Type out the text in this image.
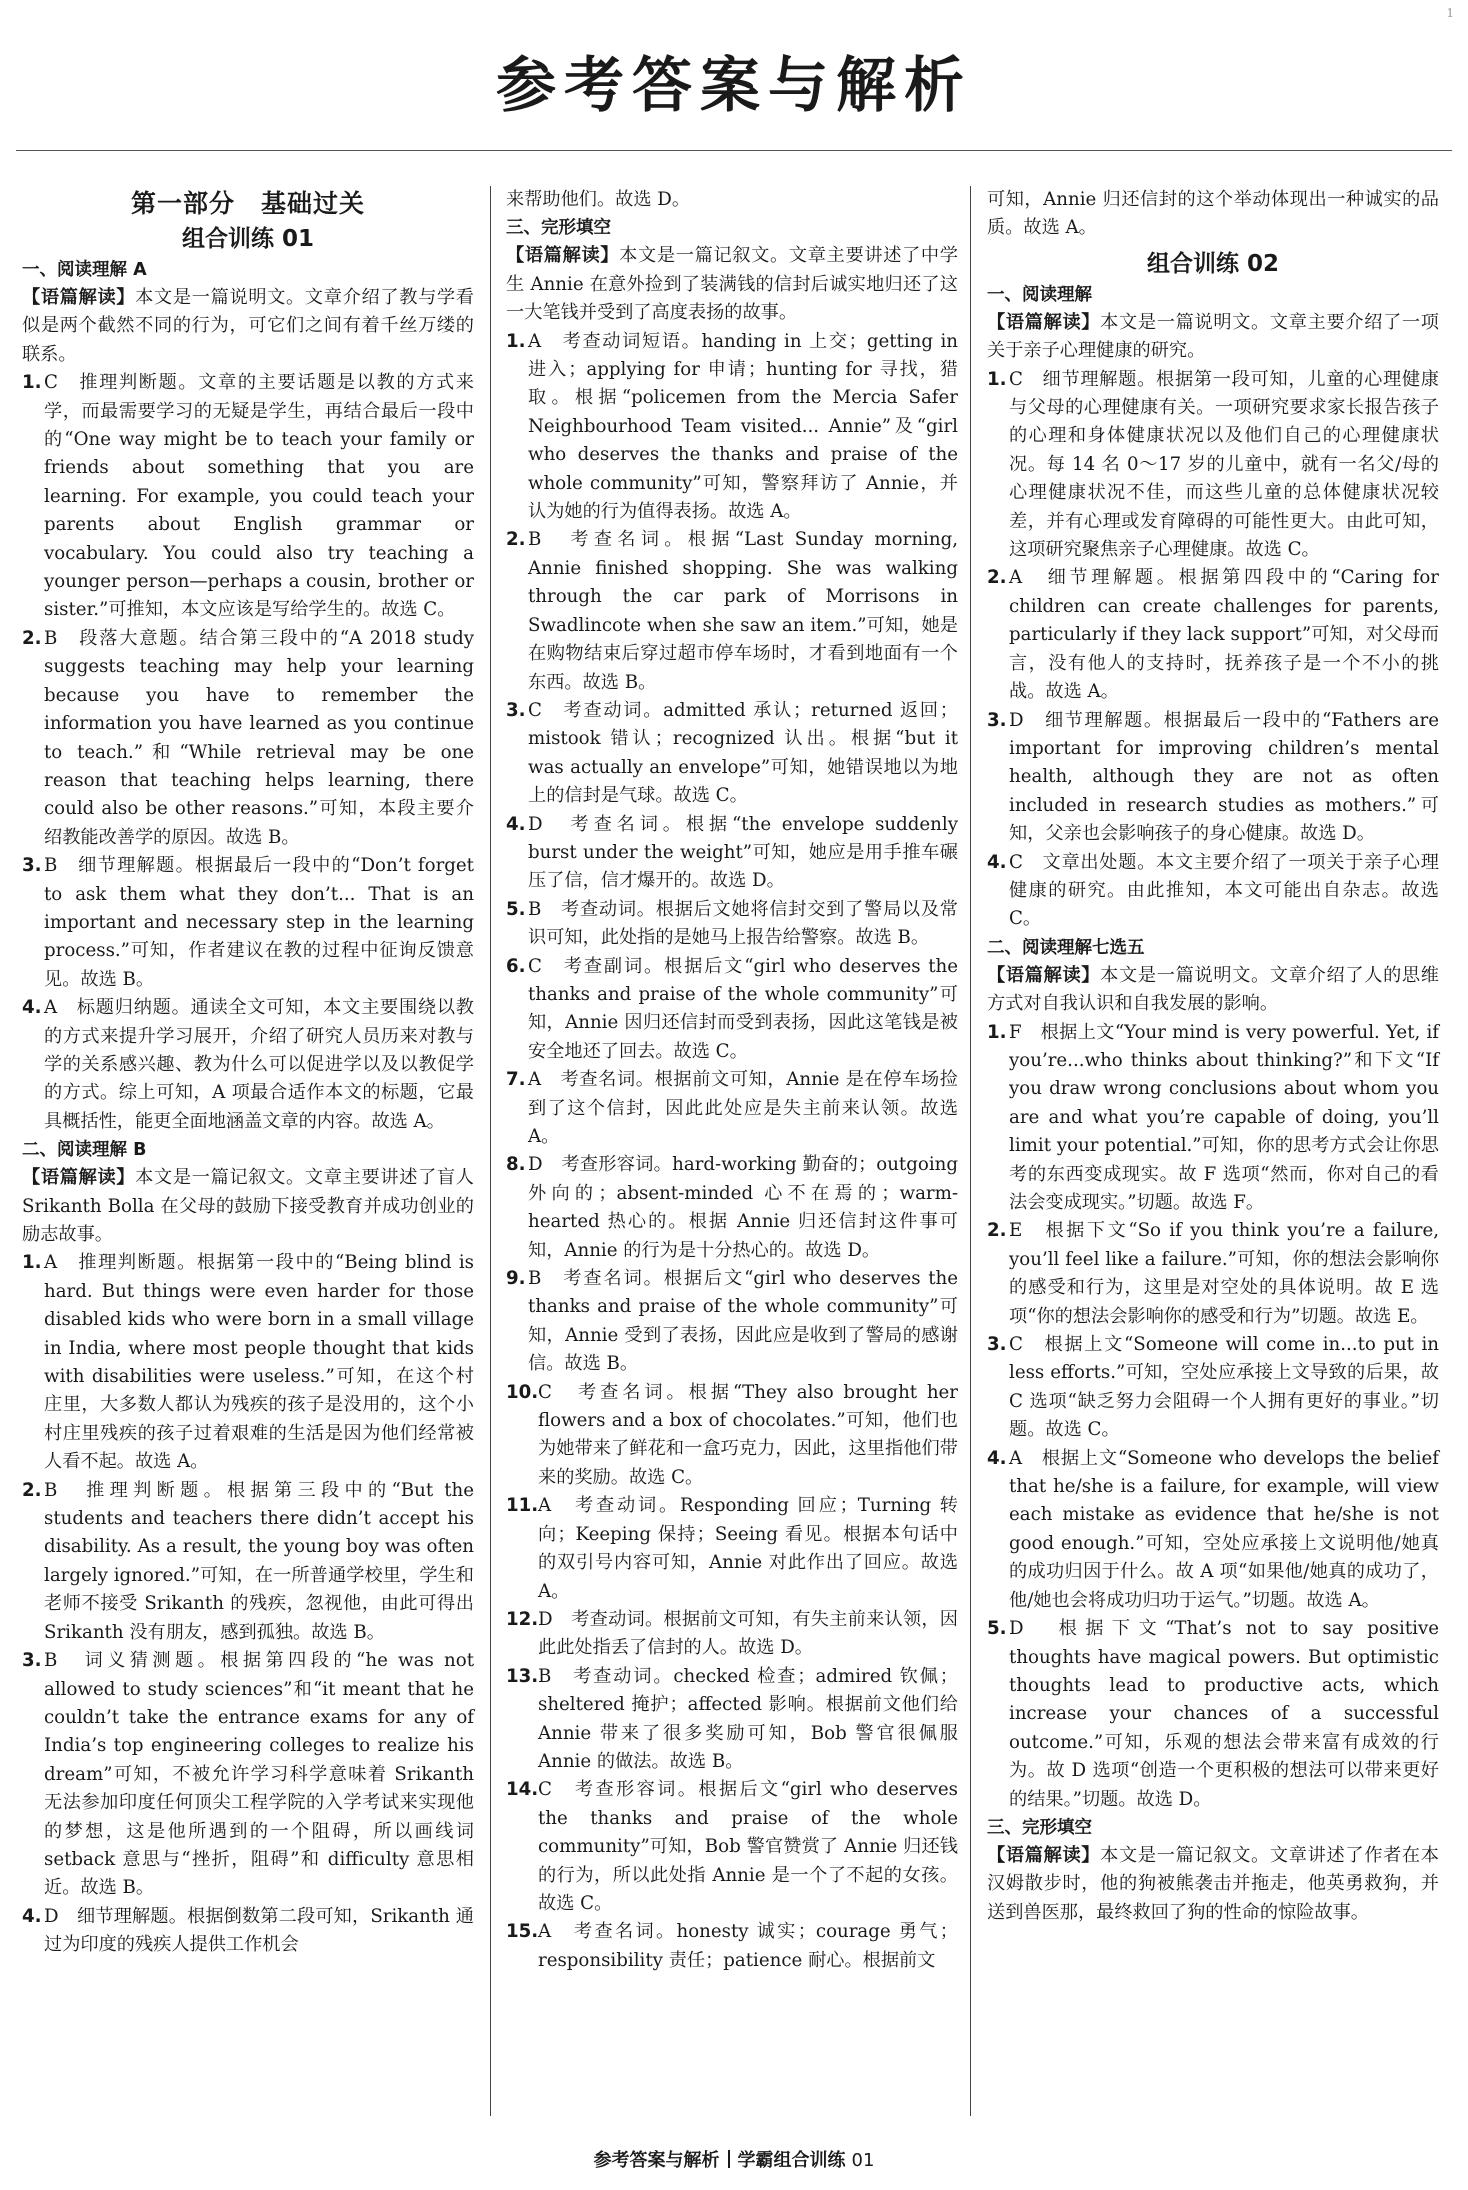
1
参考答案与解析
第一部分　基础过关
组合训练 01
一、阅读理解 A

【语篇解读】本文是一篇说明文。文章介绍了教与学看似是两个截然不同的行为，可它们之间有着千丝万缕的联系。

1. C　推理判断题。文章的主要话题是以教的方式来学，而最需要学习的无疑是学生，再结合最后一段中的“One way might be to teach your family or friends about something that you are learning. For example, you could teach your parents about English grammar or vocabulary. You could also try teaching a younger person—perhaps a cousin, brother or sister.”可推知，本文应该是写给学生的。故选 C。
2. B　段落大意题。结合第三段中的“A 2018 study suggests teaching may help your learning because you have to remember the information you have learned as you continue to teach.”和“While retrieval may be one reason that teaching helps learning, there could also be other reasons.”可知，本段主要介绍教能改善学的原因。故选 B。
3. B　细节理解题。根据最后一段中的“Don’t forget to ask them what they don’t... That is an important and necessary step in the learning process.”可知，作者建议在教的过程中征询反馈意见。故选 B。
4. A　标题归纳题。通读全文可知，本文主要围绕以教的方式来提升学习展开，介绍了研究人员历来对教与学的关系感兴趣、教为什么可以促进学以及以教促学的方式。综上可知，A 项最合适作本文的标题，它最具概括性，能更全面地涵盖文章的内容。故选 A。
二、阅读理解 B

【语篇解读】本文是一篇记叙文。文章主要讲述了盲人 Srikanth Bolla 在父母的鼓励下接受教育并成功创业的励志故事。

1. A　推理判断题。根据第一段中的“Being blind is hard. But things were even harder for those disabled kids who were born in a small village in India, where most people thought that kids with disabilities were useless.”可知，在这个村庄里，大多数人都认为残疾的孩子是没用的，这个小村庄里残疾的孩子过着艰难的生活是因为他们经常被人看不起。故选 A。
2. B　推理判断题。根据第三段中的“But the students and teachers there didn’t accept his disability. As a result, the young boy was often largely ignored.”可知，在一所普通学校里，学生和老师不接受 Srikanth 的残疾，忽视他，由此可得出 Srikanth 没有朋友，感到孤独。故选 B。
3. B　词义猜测题。根据第四段的“he was not allowed to study sciences”和“it meant that he couldn’t take the entrance exams for any of India’s top engineering colleges to realize his dream”可知，不被允许学习科学意味着 Srikanth 无法参加印度任何顶尖工程学院的入学考试来实现他的梦想，这是他所遇到的一个阻碍，所以画线词 setback 意思与“挫折，阻碍”和 difficulty 意思相近。故选 B。
4. D　细节理解题。根据倒数第二段可知，Srikanth 通过为印度的残疾人提供工作机会

来帮助他们。故选 D。

三、完形填空

【语篇解读】本文是一篇记叙文。文章主要讲述了中学生 Annie 在意外捡到了装满钱的信封后诚实地归还了这一大笔钱并受到了高度表扬的故事。

1. A　考查动词短语。handing in 上交；getting in 进入；applying for 申请；hunting for 寻找，猎取。根据“policemen from the Mercia Safer Neighbourhood Team visited... Annie”及“girl who deserves the thanks and praise of the whole community”可知，警察拜访了 Annie，并认为她的行为值得表扬。故选 A。
2. B　考查名词。根据“Last Sunday morning, Annie finished shopping. She was walking through the car park of Morrisons in Swadlincote when she saw an item.”可知，她是在购物结束后穿过超市停车场时，才看到地面有一个东西。故选 B。
3. C　考查动词。admitted 承认；returned 返回；mistook 错认；recognized 认出。根据“but it was actually an envelope”可知，她错误地以为地上的信封是气球。故选 C。
4. D　考查名词。根据“the envelope suddenly burst under the weight”可知，她应是用手推车碾压了信，信才爆开的。故选 D。
5. B　考查动词。根据后文她将信封交到了警局以及常识可知，此处指的是她马上报告给警察。故选 B。
6. C　考查副词。根据后文“girl who deserves the thanks and praise of the whole community”可知，Annie 因归还信封而受到表扬，因此这笔钱是被安全地还了回去。故选 C。
7. A　考查名词。根据前文可知，Annie 是在停车场捡到了这个信封，因此此处应是失主前来认领。故选 A。
8. D　考查形容词。hard-working 勤奋的；outgoing 外向的；absent-minded 心不在焉的；warm-hearted 热心的。根据 Annie 归还信封这件事可知，Annie 的行为是十分热心的。故选 D。
9. B　考查名词。根据后文“girl who deserves the thanks and praise of the whole community”可知，Annie 受到了表扬，因此应是收到了警局的感谢信。故选 B。
10. C　考查名词。根据“They also brought her flowers and a box of chocolates.”可知，他们也为她带来了鲜花和一盒巧克力，因此，这里指他们带来的奖励。故选 C。
11. A　考查动词。Responding 回应；Turning 转向；Keeping 保持；Seeing 看见。根据本句话中的双引号内容可知，Annie 对此作出了回应。故选 A。
12. D　考查动词。根据前文可知，有失主前来认领，因此此处指丢了信封的人。故选 D。
13. B　考查动词。checked 检查；admired 钦佩；sheltered 掩护；affected 影响。根据前文他们给 Annie 带来了很多奖励可知，Bob 警官很佩服 Annie 的做法。故选 B。
14. C　考查形容词。根据后文“girl who deserves the thanks and praise of the whole community”可知，Bob 警官赞赏了 Annie 归还钱的行为，所以此处指 Annie 是一个了不起的女孩。故选 C。
15. A　考查名词。honesty 诚实；courage 勇气；responsibility 责任；patience 耐心。根据前文

可知，Annie 归还信封的这个举动体现出一种诚实的品质。故选 A。

组合训练 02
一、阅读理解

【语篇解读】本文是一篇说明文。文章主要介绍了一项关于亲子心理健康的研究。

1. C　细节理解题。根据第一段可知，儿童的心理健康与父母的心理健康有关。一项研究要求家长报告孩子的心理和身体健康状况以及他们自己的心理健康状况。每 14 名 0～17 岁的儿童中，就有一名父/母的心理健康状况不佳，而这些儿童的总体健康状况较差，并有心理或发育障碍的可能性更大。由此可知，这项研究聚焦亲子心理健康。故选 C。
2. A　细节理解题。根据第四段中的“Caring for children can create challenges for parents, particularly if they lack support”可知，对父母而言，没有他人的支持时，抚养孩子是一个不小的挑战。故选 A。
3. D　细节理解题。根据最后一段中的“Fathers are important for improving children’s mental health, although they are not as often included in research studies as mothers.”可知，父亲也会影响孩子的身心健康。故选 D。
4. C　文章出处题。本文主要介绍了一项关于亲子心理健康的研究。由此推知，本文可能出自杂志。故选 C。
二、阅读理解七选五

【语篇解读】本文是一篇说明文。文章介绍了人的思维方式对自我认识和自我发展的影响。

1. F　根据上文“Your mind is very powerful. Yet, if you’re...who thinks about thinking?”和下文“If you draw wrong conclusions about whom you are and what you’re capable of doing, you’ll limit your potential.”可知，你的思考方式会让你思考的东西变成现实。故 F 选项“然而，你对自己的看法会变成现实。”切题。故选 F。
2. E　根据下文“So if you think you’re a failure, you’ll feel like a failure.”可知，你的想法会影响你的感受和行为，这里是对空处的具体说明。故 E 选项“你的想法会影响你的感受和行为”切题。故选 E。
3. C　根据上文“Someone will come in...to put in less efforts.”可知，空处应承接上文导致的后果，故 C 选项“缺乏努力会阻碍一个人拥有更好的事业。”切题。故选 C。
4. A　根据上文“Someone who develops the belief that he/she is a failure, for example, will view each mistake as evidence that he/she is not good enough.”可知，空处应承接上文说明他/她真的成功归因于什么。故 A 项“如果他/她真的成功了，他/她也会将成功归功于运气。”切题。故选 A。
5. D　根据下文“That’s not to say positive thoughts have magical powers. But optimistic thoughts lead to productive acts, which increase your chances of a successful outcome.”可知，乐观的想法会带来富有成效的行为。故 D 选项“创造一个更积极的想法可以带来更好的结果。”切题。故选 D。
三、完形填空

【语篇解读】本文是一篇记叙文。文章讲述了作者在本汉姆散步时，他的狗被熊袭击并拖走，他英勇救狗，并送到兽医那，最终救回了狗的性命的惊险故事。

参考答案与解析 学霸组合训练 01
